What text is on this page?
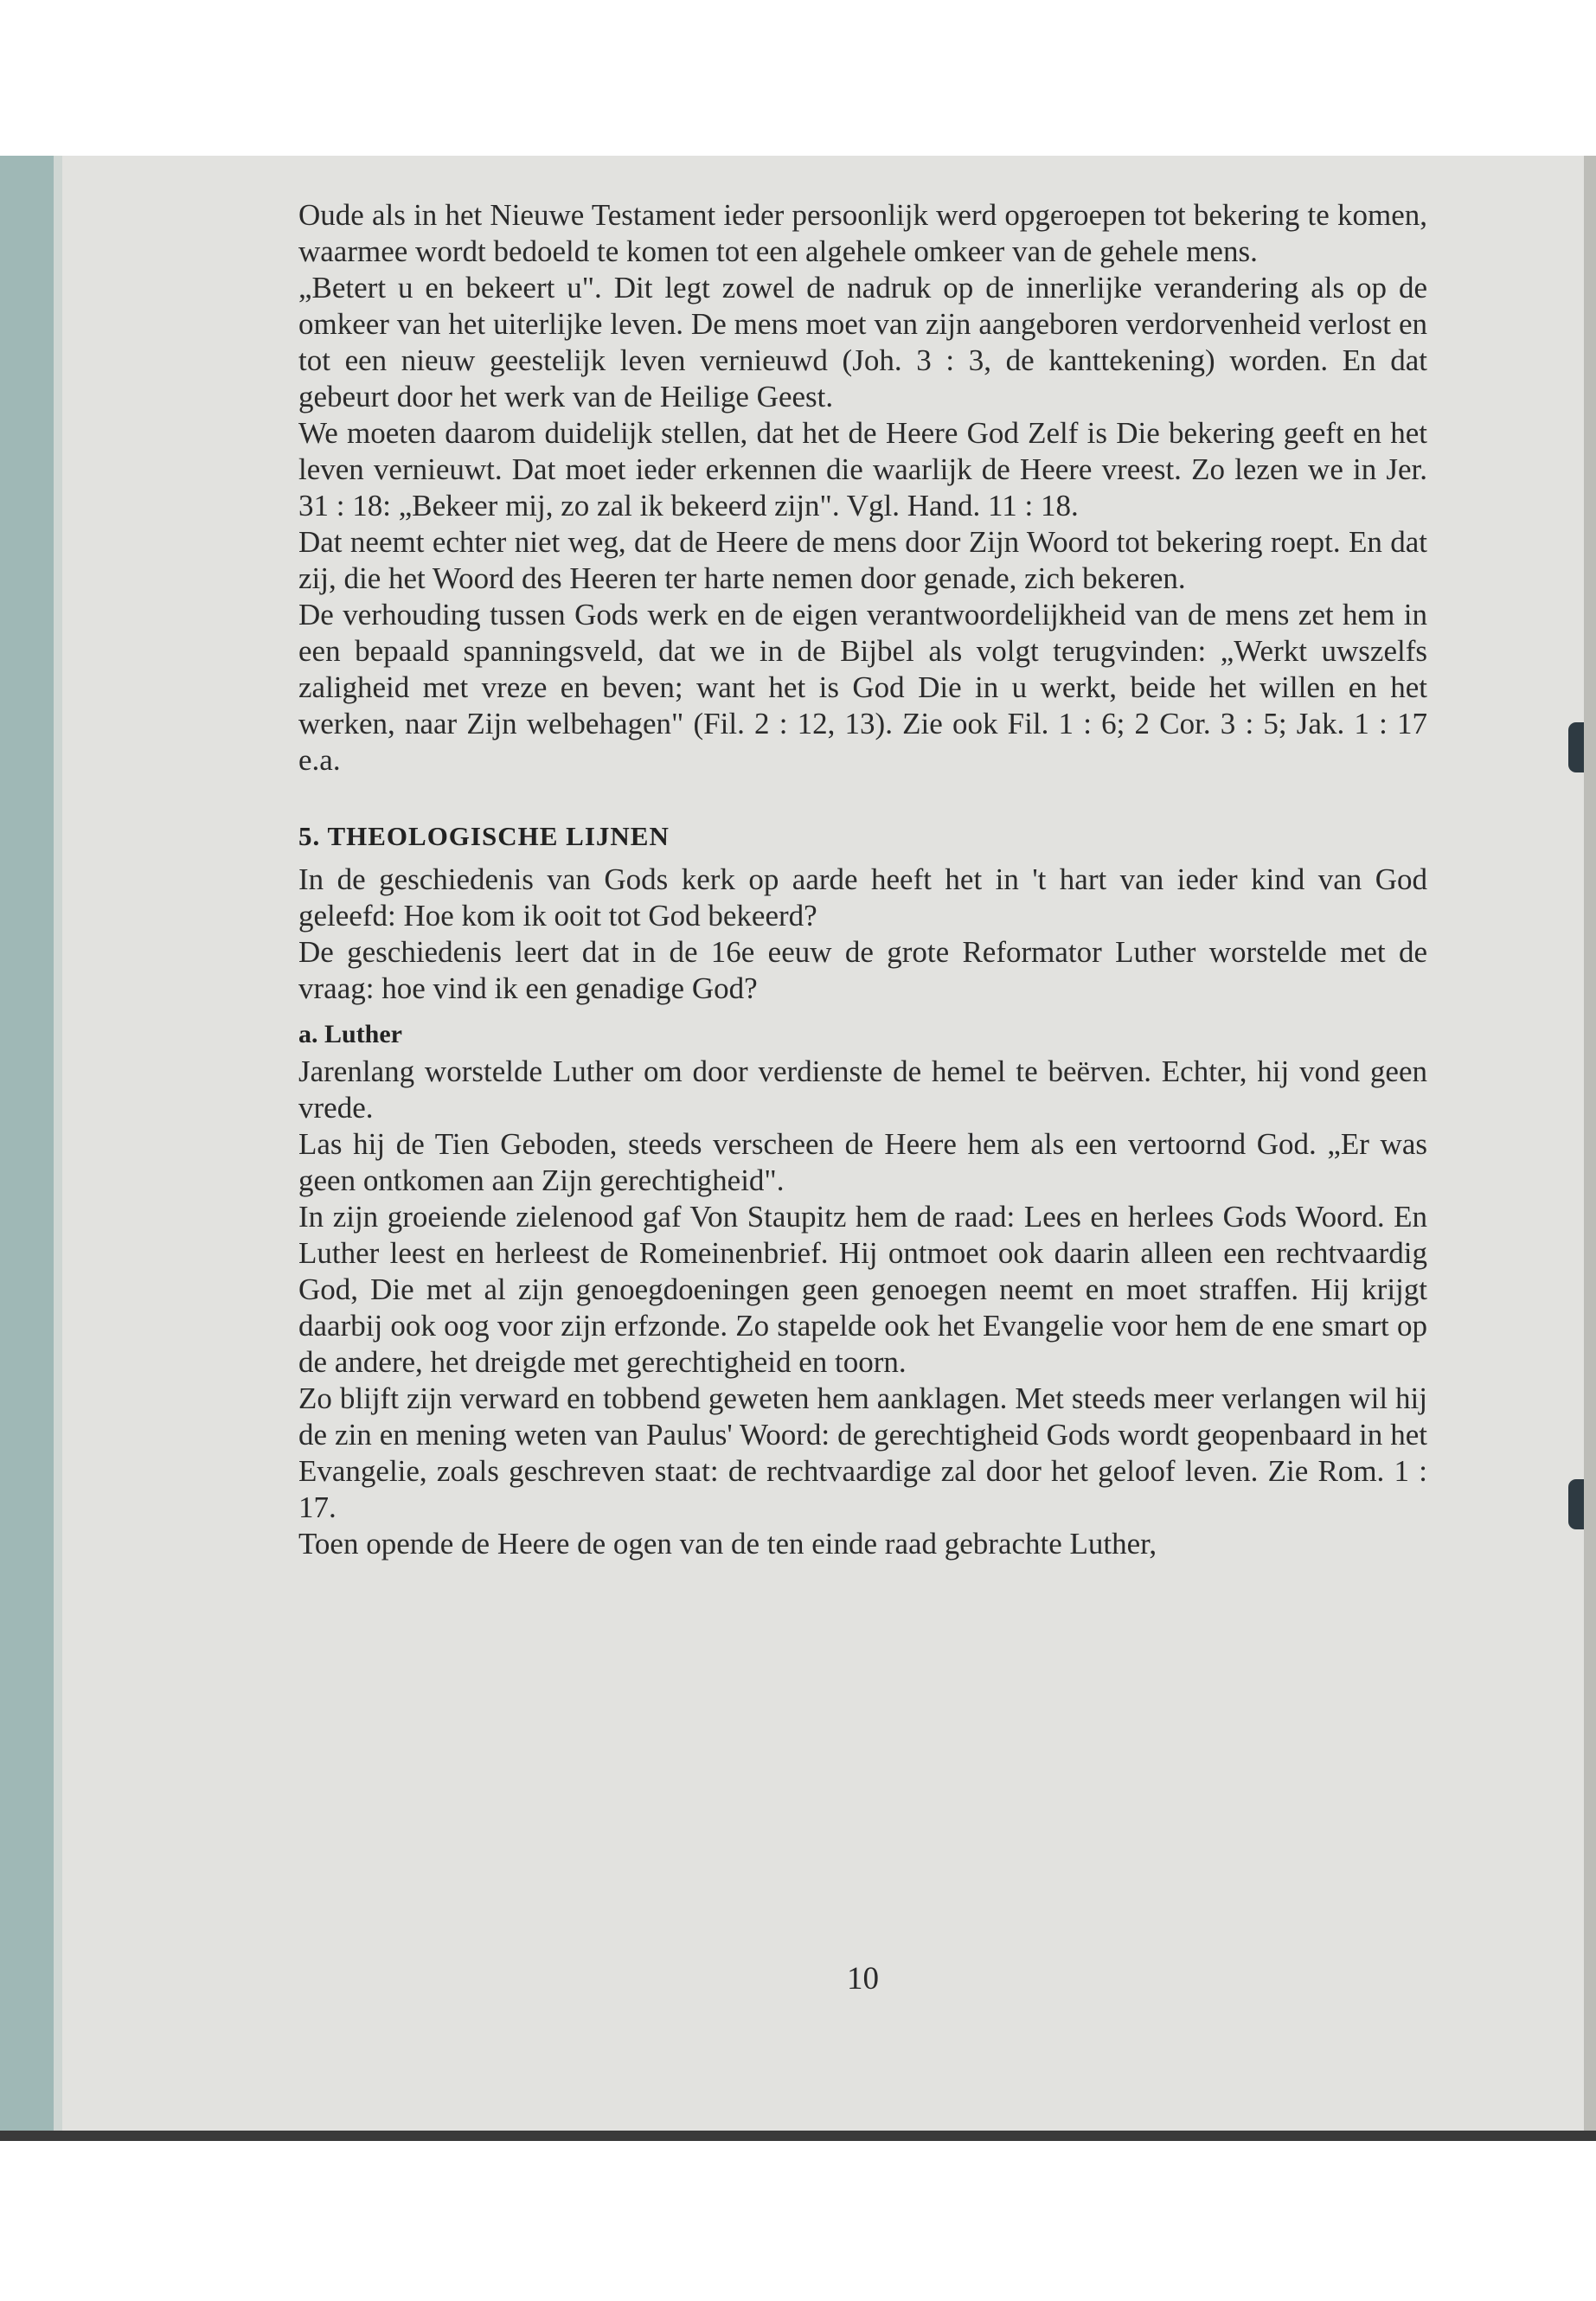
Oude als in het Nieuwe Testament ieder persoonlijk werd opgeroepen tot bekering te komen, waarmee wordt bedoeld te komen tot een algehele omkeer van de gehele mens.

„Betert u en bekeert u". Dit legt zowel de nadruk op de innerlijke verandering als op de omkeer van het uiterlijke leven. De mens moet van zijn aangeboren verdorvenheid verlost en tot een nieuw geestelijk leven vernieuwd (Joh. 3 : 3, de kanttekening) worden. En dat gebeurt door het werk van de Heilige Geest.

We moeten daarom duidelijk stellen, dat het de Heere God Zelf is Die bekering geeft en het leven vernieuwt. Dat moet ieder erkennen die waarlijk de Heere vreest. Zo lezen we in Jer. 31 : 18: „Bekeer mij, zo zal ik bekeerd zijn". Vgl. Hand. 11 : 18.

Dat neemt echter niet weg, dat de Heere de mens door Zijn Woord tot bekering roept. En dat zij, die het Woord des Heeren ter harte nemen door genade, zich bekeren.

De verhouding tussen Gods werk en de eigen verantwoordelijkheid van de mens zet hem in een bepaald spanningsveld, dat we in de Bijbel als volgt terugvinden: „Werkt uwszelfs zaligheid met vreze en beven; want het is God Die in u werkt, beide het willen en het werken, naar Zijn welbehagen" (Fil. 2 : 12, 13). Zie ook Fil. 1 : 6; 2 Cor. 3 : 5; Jak. 1 : 17 e.a.

5. THEOLOGISCHE LIJNEN

In de geschiedenis van Gods kerk op aarde heeft het in 't hart van ieder kind van God geleefd: Hoe kom ik ooit tot God bekeerd?

De geschiedenis leert dat in de 16e eeuw de grote Reformator Luther worstelde met de vraag: hoe vind ik een genadige God?

a. Luther

Jarenlang worstelde Luther om door verdienste de hemel te beërven. Echter, hij vond geen vrede.

Las hij de Tien Geboden, steeds verscheen de Heere hem als een vertoornd God. „Er was geen ontkomen aan Zijn gerechtigheid".

In zijn groeiende zielenood gaf Von Staupitz hem de raad: Lees en herlees Gods Woord. En Luther leest en herleest de Romeinenbrief. Hij ontmoet ook daarin alleen een rechtvaardig God, Die met al zijn genoegdoeningen geen genoegen neemt en moet straffen. Hij krijgt daarbij ook oog voor zijn erfzonde. Zo stapelde ook het Evangelie voor hem de ene smart op de andere, het dreigde met gerechtigheid en toorn.

Zo blijft zijn verward en tobbend geweten hem aanklagen. Met steeds meer verlangen wil hij de zin en mening weten van Paulus' Woord: de gerechtigheid Gods wordt geopenbaard in het Evangelie, zoals geschreven staat: de rechtvaardige zal door het geloof leven. Zie Rom. 1 : 17.

Toen opende de Heere de ogen van de ten einde raad gebrachte Luther,

10
